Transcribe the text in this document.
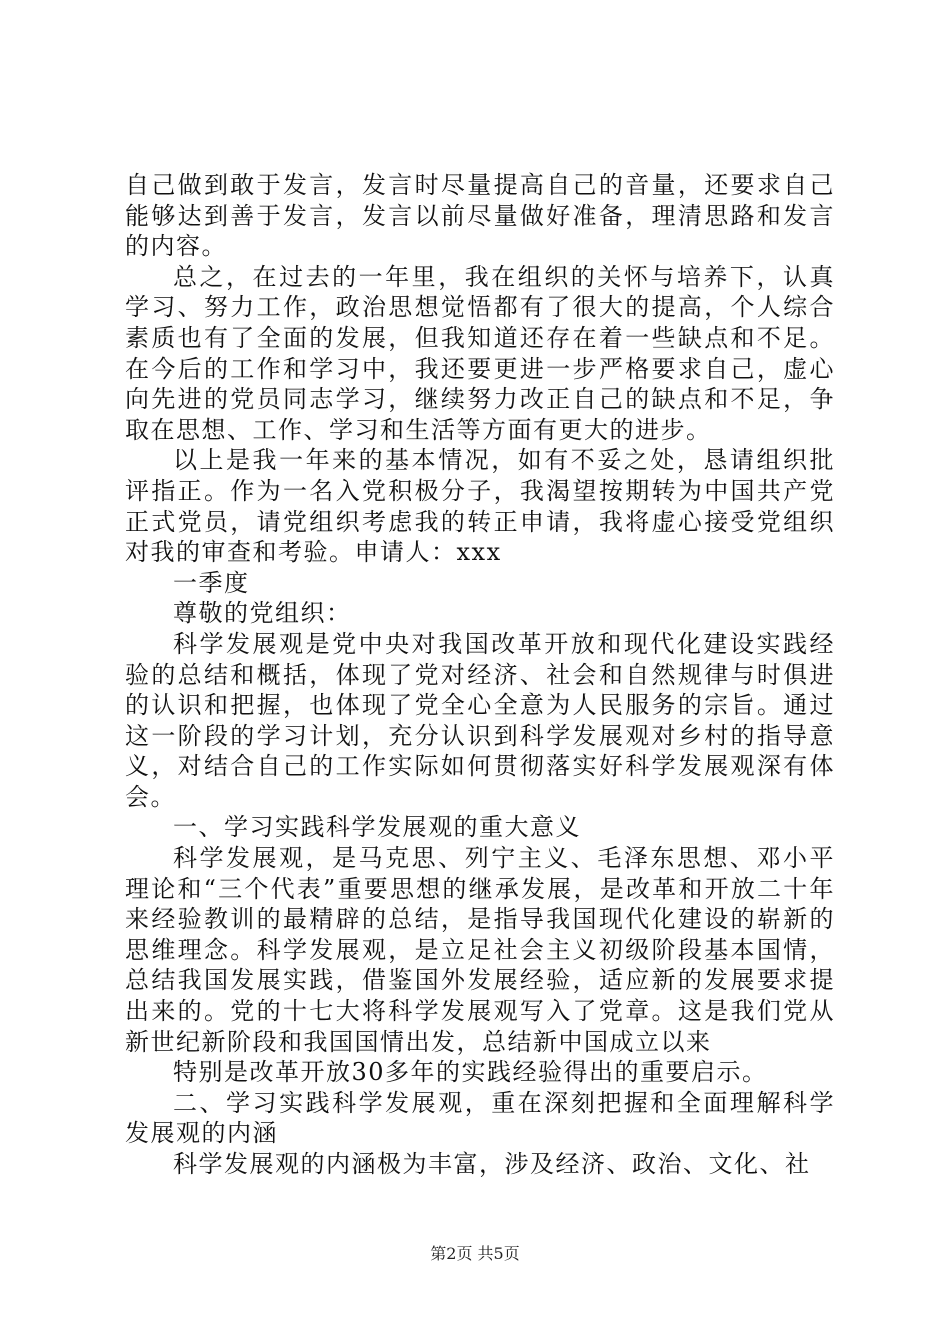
自己做到敢于发言，发言时尽量提高自己的音量，还要求自己能够达到善于发言，发言以前尽量做好准备，理清思路和发言的内容。

总之，在过去的一年里，我在组织的关怀与培养下，认真学习、努力工作，政治思想觉悟都有了很大的提高，个人综合素质也有了全面的发展，但我知道还存在着一些缺点和不足。在今后的工作和学习中，我还要更进一步严格要求自己，虚心向先进的党员同志学习，继续努力改正自己的缺点和不足，争取在思想、工作、学习和生活等方面有更大的进步。

以上是我一年来的基本情况，如有不妥之处，恳请组织批评指正。作为一名入党积极分子，我渴望按期转为中国共产党正式党员，请党组织考虑我的转正申请，我将虚心接受党组织对我的审查和考验。申请人：xxx

一季度

尊敬的党组织：

科学发展观是党中央对我国改革开放和现代化建设实践经验的总结和概括，体现了党对经济、社会和自然规律与时俱进的认识和把握，也体现了党全心全意为人民服务的宗旨。通过这一阶段的学习计划，充分认识到科学发展观对乡村的指导意义，对结合自己的工作实际如何贯彻落实好科学发展观深有体会。

一、学习实践科学发展观的重大意义

科学发展观，是马克思、列宁主义、毛泽东思想、邓小平理论和“三个代表”重要思想的继承发展，是改革和开放二十年来经验教训的最精辟的总结，是指导我国现代化建设的崭新的思维理念。科学发展观，是立足社会主义初级阶段基本国情，总结我国发展实践，借鉴国外发展经验，适应新的发展要求提出来的。党的十七大将科学发展观写入了党章。这是我们党从新世纪新阶段和我国国情出发，总结新中国成立以来

特别是改革开放30多年的实践经验得出的重要启示。

二、学习实践科学发展观，重在深刻把握和全面理解科学发展观的内涵

科学发展观的内涵极为丰富，涉及经济、政治、文化、社

第2页 共5页
